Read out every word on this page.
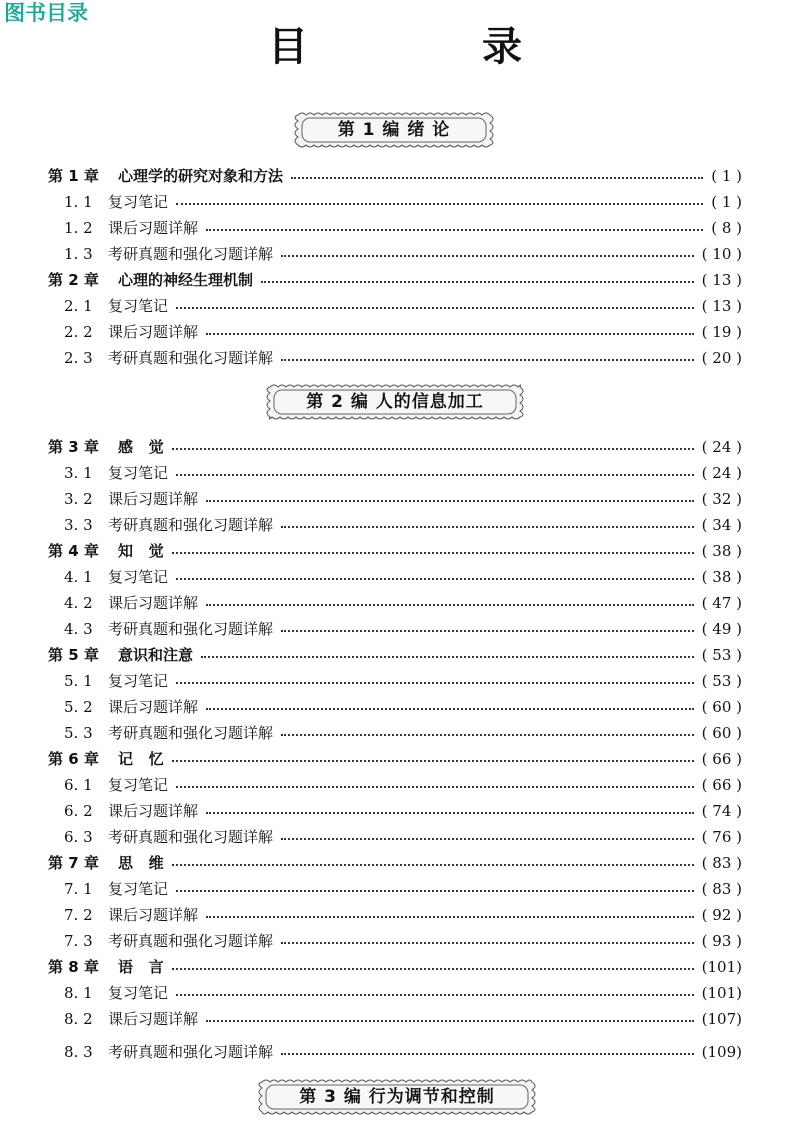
图书目录
目 录
第 1 编 绪 论
第 2 编 人的信息加工
第 3 编 行为调节和控制
第 1 章	心理学的研究对象和方法	( 1 )
1. 1	复习笔记	( 1 )
1. 2	课后习题详解	( 8 )
1. 3	考研真题和强化习题详解	( 10 )
第 2 章	心理的神经生理机制	( 13 )
2. 1	复习笔记	( 13 )
2. 2	课后习题详解	( 19 )
2. 3	考研真题和强化习题详解	( 20 )
第 3 章	感   觉	( 24 )
3. 1	复习笔记	( 24 )
3. 2	课后习题详解	( 32 )
3. 3	考研真题和强化习题详解	( 34 )
第 4 章	知   觉	( 38 )
4. 1	复习笔记	( 38 )
4. 2	课后习题详解	( 47 )
4. 3	考研真题和强化习题详解	( 49 )
第 5 章	意识和注意	( 53 )
5. 1	复习笔记	( 53 )
5. 2	课后习题详解	( 60 )
5. 3	考研真题和强化习题详解	( 60 )
第 6 章	记   忆	( 66 )
6. 1	复习笔记	( 66 )
6. 2	课后习题详解	( 74 )
6. 3	考研真题和强化习题详解	( 76 )
第 7 章	思   维	( 83 )
7. 1	复习笔记	( 83 )
7. 2	课后习题详解	( 92 )
7. 3	考研真题和强化习题详解	( 93 )
第 8 章	语   言	(101)
8. 1	复习笔记	(101)
8. 2	课后习题详解	(107)
8. 3	考研真题和强化习题详解	(109)
